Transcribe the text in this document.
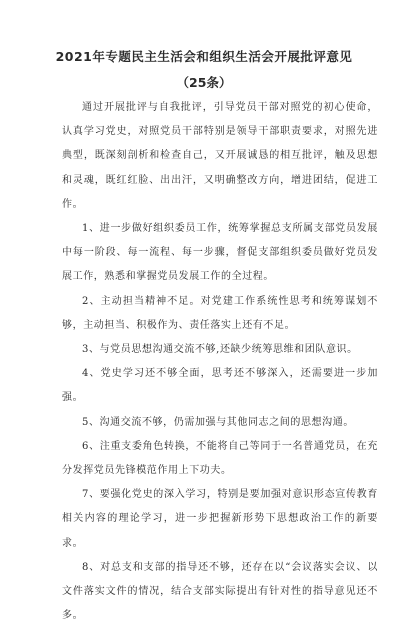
2021年专题民主生活会和组织生活会开展批评意见
（25条）

通过开展批评与自我批评，引导党员干部对照党的初心使命，认真学习党史，对照党员干部特别是领导干部职责要求，对照先进典型，既深刻剖析和检查自己，又开展诚恳的相互批评，触及思想和灵魂，既红红脸、出出汗，又明确整改方向，增进团结，促进工作。

1、进一步做好组织委员工作，统筹掌握总支所属支部党员发展中每一阶段、每一流程、每一步骤，督促支部组织委员做好党员发展工作，熟悉和掌握党员发展工作的全过程。

2、主动担当精神不足。对党建工作系统性思考和统筹谋划不够，主动担当、积极作为、责任落实上还有不足。

3、与党员思想沟通交流不够,还缺少统筹思维和团队意识。

4、党史学习还不够全面，思考还不够深入，还需要进一步加强。

5、沟通交流不够，仍需加强与其他同志之间的思想沟通。

6、注重支委角色转换，不能将自己等同于一名普通党员，在充分发挥党员先锋模范作用上下功夫。

7、要强化党史的深入学习，特别是要加强对意识形态宣传教育相关内容的理论学习，进一步把握新形势下思想政治工作的新要求。

8、对总支和支部的指导还不够，还存在以“会议落实会议、以文件落实文件的情况，结合支部实际提出有针对性的指导意见还不多。
